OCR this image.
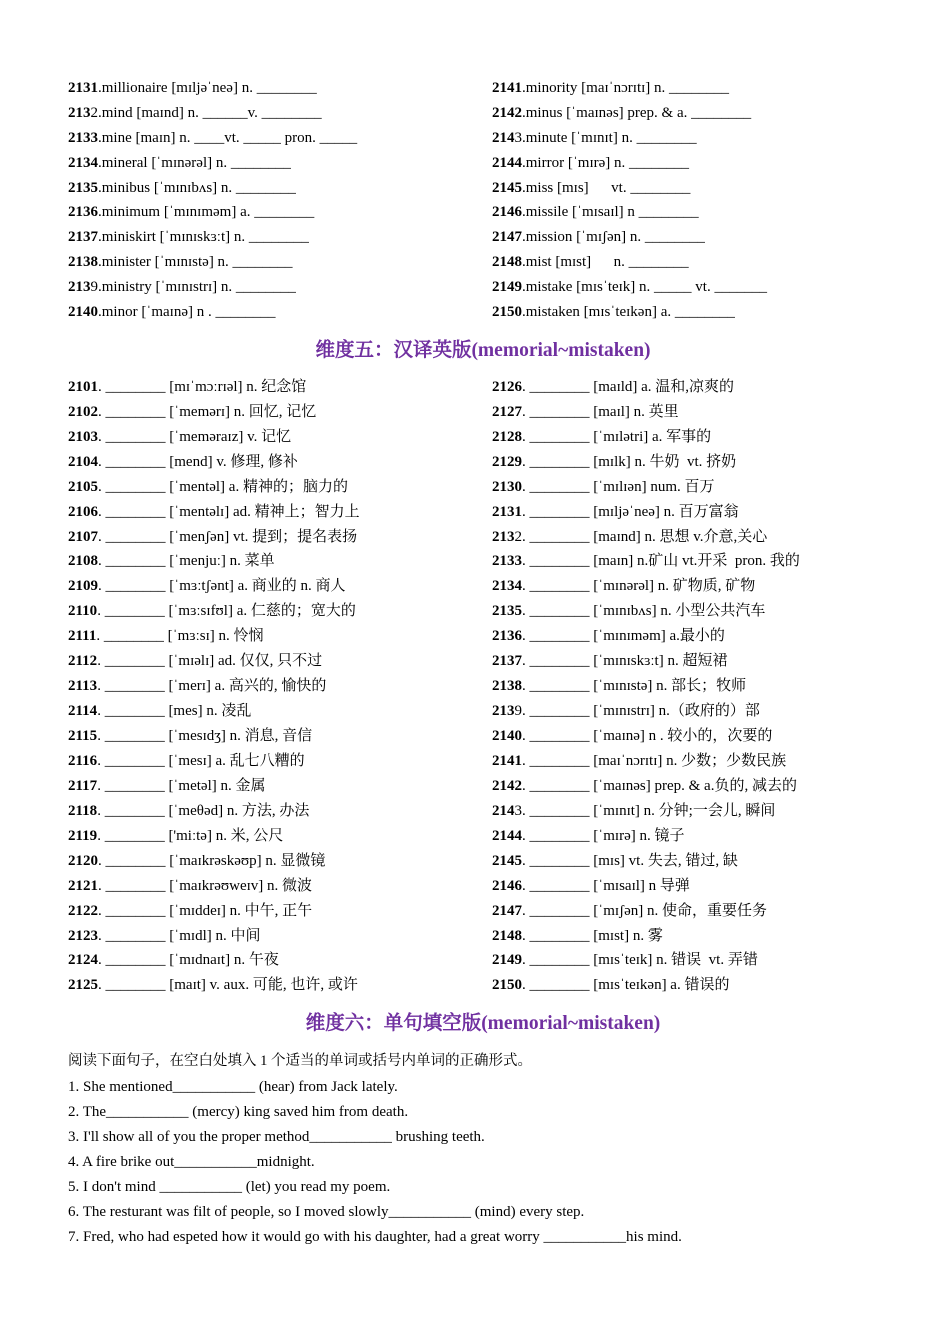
2131.millionaire [mɪljəˈneə] n. ________
2132.mind [maɪnd] n. ______v. ________
2133.mine [maɪn] n. ____vt. _____ pron. _____
2134.mineral [ˈmɪnərəl] n. ________
2135.minibus [ˈmɪnɪbʌs] n. ________
2136.minimum [ˈmɪnɪməm] a. ________
2137.miniskirt [ˈmɪnɪskɜːt] n. ________
2138.minister [ˈmɪnɪstə] n. ________
2139.ministry [ˈmɪnɪstrɪ] n. ________
2140.minor [ˈmaɪnə] n . ________
2141.minority [maɪˈnɔrɪtɪ] n. ________
2142.minus [ˈmaɪnəs] prep. & a. ________
2143.minute [ˈmɪnɪt] n. ________
2144.mirror [ˈmɪrə] n. ________
2145.miss [mɪs]      vt. ________
2146.missile [ˈmɪsaɪl] n ________
2147.mission [ˈmɪʃən] n. ________
2148.mist [mɪst]      n. ________
2149.mistake [mɪsˈteɪk] n. _____ vt. _______
2150.mistaken [mɪsˈteɪkən] a. ________
维度五：汉译英版(memorial~mistaken)
2101. ________ [mɪˈmɔːrɪəl] n. 纪念馆
2102. ________ [ˈmemərɪ] n. 回忆, 记忆
2103. ________ [ˈmeməraɪz] v. 记忆
2104. ________ [mend] v. 修理, 修补
2105. ________ [ˈmentəl] a. 精神的；脑力的
2106. ________ [ˈmentəlɪ] ad. 精神上；智力上
2107. ________ [ˈmenʃən] vt. 提到；提名表扬
2108. ________ [ˈmenjuː] n. 菜单
2109. ________ [ˈmɜːtʃənt] a. 商业的 n. 商人
2110. ________ [ˈmɜːsɪfʊl] a. 仁慈的；宽大的
2111. ________ [ˈmɜːsɪ] n. 怜悯
2112. ________ [ˈmɪəlɪ] ad. 仅仅, 只不过
2113. ________ [ˈmerɪ] a. 高兴的, 愉快的
2114. ________ [mes] n. 凌乱
2115. ________ [ˈmesɪdʒ] n. 消息, 音信
2116. ________ [ˈmesɪ] a. 乱七八糟的
2117. ________ [ˈmetəl] n. 金属
2118. ________ [ˈmeθəd] n. 方法, 办法
2119. ________ ['miːtə] n. 米, 公尺
2120. ________ [ˈmaɪkrəskəʊp] n. 显微镜
2121. ________ [ˈmaɪkrəʊweɪv] n. 微波
2122. ________ [ˈmɪddeɪ] n. 中午, 正午
2123. ________ [ˈmɪdl] n. 中间
2124. ________ [ˈmɪdnaɪt] n. 午夜
2125. ________ [maɪt] v. aux. 可能, 也许, 或许
2126. ________ [maɪld] a. 温和,凉爽的
2127. ________ [maɪl] n. 英里
2128. ________ [ˈmɪlətri] a. 军事的
2129. ________ [mɪlk] n. 牛奶  vt. 挤奶
2130. ________ [ˈmɪlɪən] num. 百万
2131. ________ [mɪljəˈneə] n. 百万富翁
2132. ________ [maɪnd] n. 思想 v.介意,关心
2133. ________ [maɪn] n.矿山 vt.开采  pron. 我的
2134. ________ [ˈmɪnərəl] n. 矿物质, 矿物
2135. ________ [ˈmɪnɪbʌs] n. 小型公共汽车
2136. ________ [ˈmɪnɪməm] a.最小的
2137. ________ [ˈmɪnɪskɜːt] n. 超短裙
2138. ________ [ˈmɪnɪstə] n. 部长；牧师
2139. ________ [ˈmɪnɪstrɪ] n.（政府的）部
2140. ________ [ˈmaɪnə] n . 较小的，次要的
2141. ________ [maɪˈnɔrɪtɪ] n. 少数；少数民族
2142. ________ [ˈmaɪnəs] prep. & a.负的, 减去的
2143. ________ [ˈmɪnɪt] n. 分钟;一会儿, 瞬间
2144. ________ [ˈmɪrə] n. 镜子
2145. ________ [mɪs] vt. 失去, 错过, 缺
2146. ________ [ˈmɪsaɪl] n 导弹
2147. ________ [ˈmɪʃən] n. 使命，重要任务
2148. ________ [mɪst] n. 雾
2149. ________ [mɪsˈteɪk] n. 错误  vt. 弄错
2150. ________ [mɪsˈteɪkən] a. 错误的
维度六：单句填空版(memorial~mistaken)
阅读下面句子，在空白处填入 1 个适当的单词或括号内单词的正确形式。
1. She mentioned___________ (hear) from Jack lately.
2. The___________ (mercy) king saved him from death.
3. I'll show all of you the proper method___________ brushing teeth.
4. A fire brike out___________midnight.
5. I don't mind ___________ (let) you read my poem.
6. The resturant was filt of people, so I moved slowly___________ (mind) every step.
7. Fred, who had espeted how it would go with his daughter, had a great worry ___________his mind.
